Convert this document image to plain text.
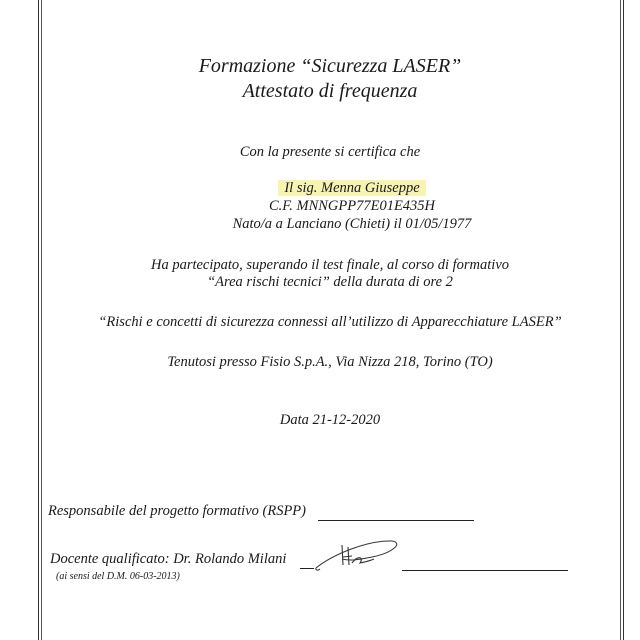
Formazione “Sicurezza LASER”
Attestato di frequenza
Con la presente si certifica che
Il sig. Menna Giuseppe
C.F. MNNGPP77E01E435H
Nato/a a Lanciano (Chieti) il 01/05/1977
Ha partecipato, superando il test finale, al corso di formativo
“Area rischi tecnici” della durata di ore 2
“Rischi e concetti di sicurezza connessi all’utilizzo di Apparecchiature LASER”
Tenutosi presso Fisio S.p.A., Via Nizza 218, Torino (TO)
Data 21-12-2020
Responsabile del progetto formativo (RSPP)
Docente qualificato: Dr. Rolando Milani
(ai sensi del D.M. 06-03-2013)
